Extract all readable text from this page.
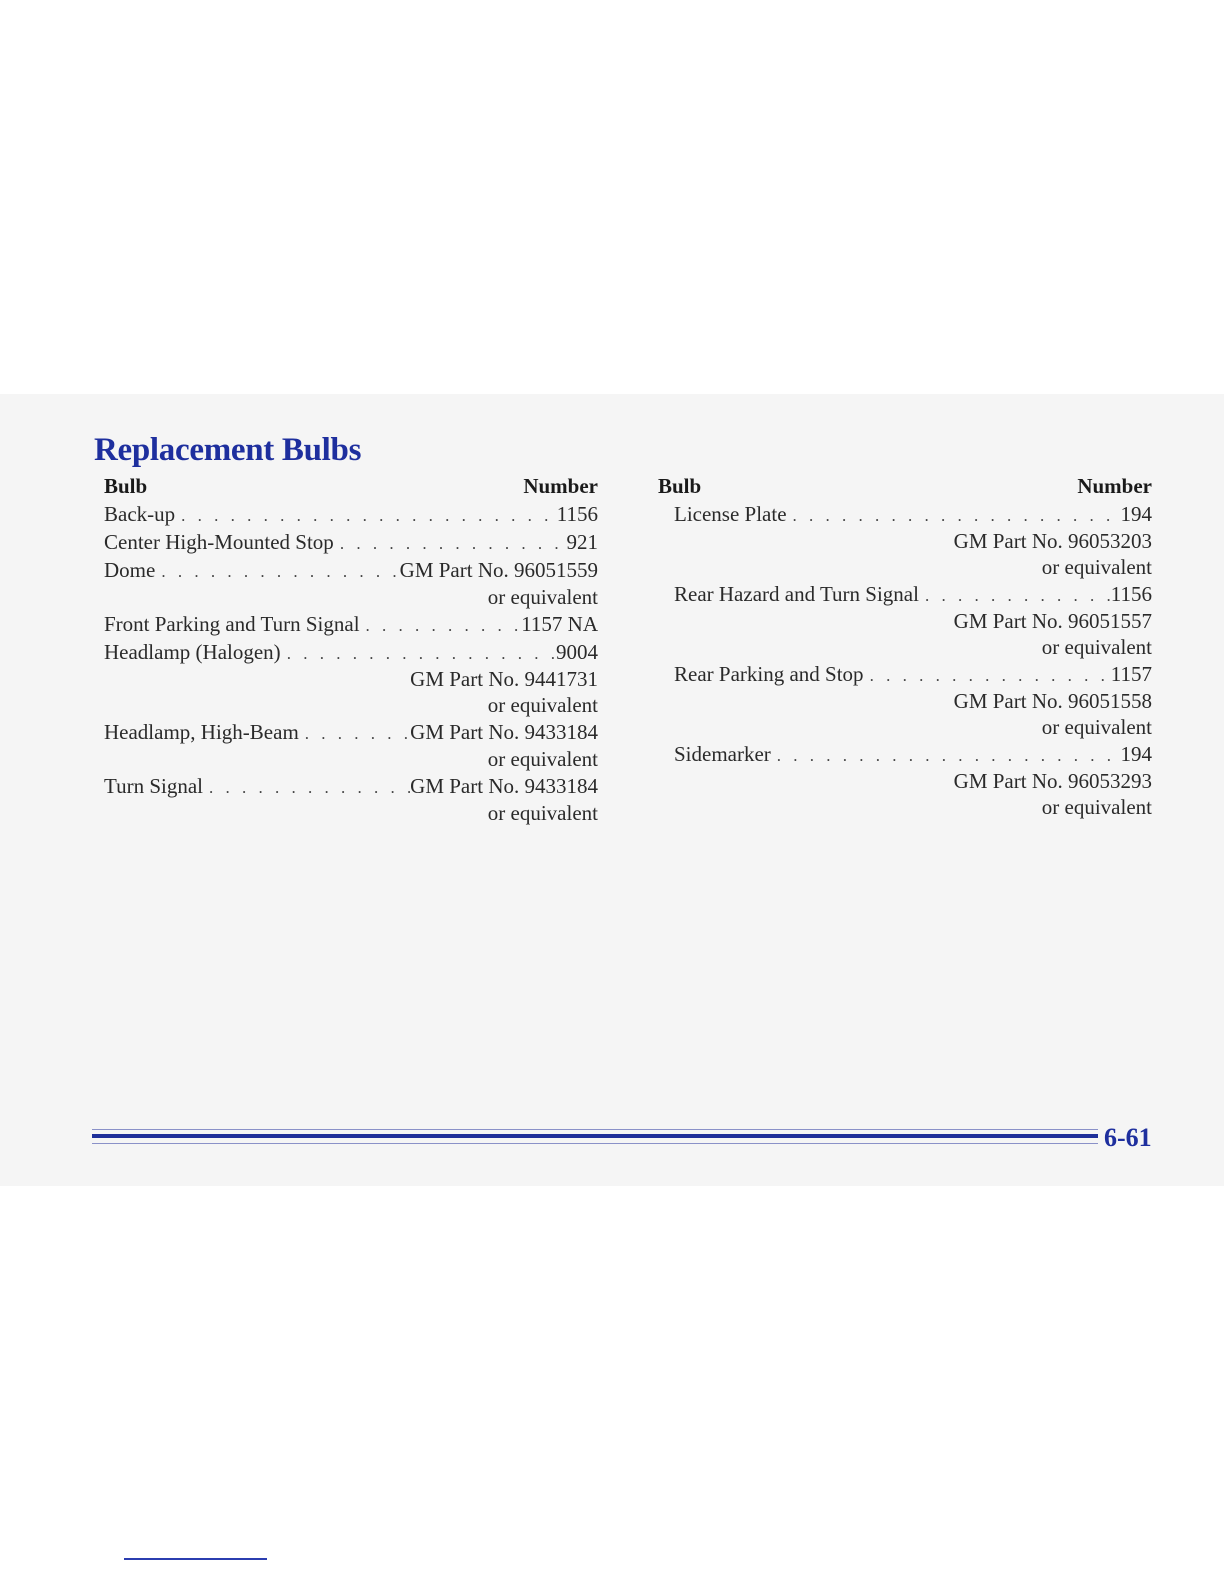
Replacement Bulbs
Bulb	Number
Back-up . . .	1156
Center High-Mounted Stop . . .	921
Dome . . .	GM Part No. 96051559
or equivalent
Front Parking and Turn Signal . . .	1157 NA
Headlamp (Halogen) . . .	9004
GM Part No. 9441731
or equivalent
Headlamp, High-Beam . . .	GM Part No. 9433184
or equivalent
Turn Signal . . .	GM Part No. 9433184
or equivalent
Bulb	Number
License Plate . . .	194
GM Part No. 96053203
or equivalent
Rear Hazard and Turn Signal . . .	1156
GM Part No. 96051557
or equivalent
Rear Parking and Stop . . .	1157
GM Part No. 96051558
or equivalent
Sidemarker . . .	194
GM Part No. 96053293
or equivalent
6-61
